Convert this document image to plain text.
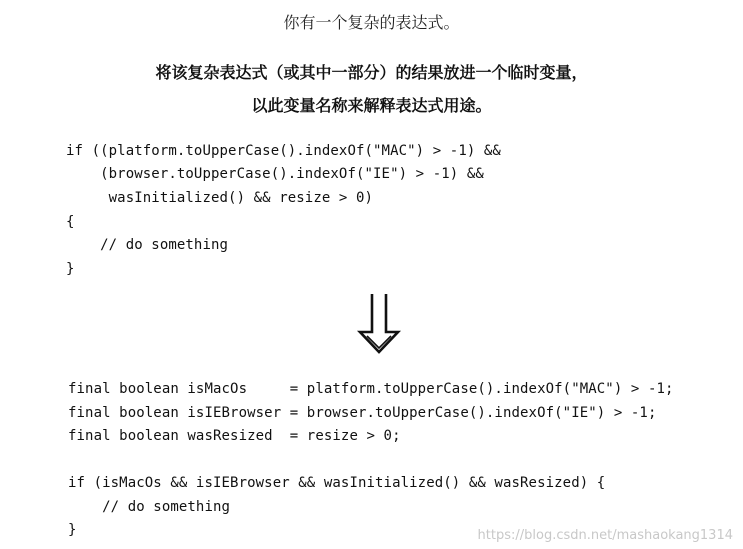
你有一个复杂的表达式。
将该复杂表达式（或其中一部分）的结果放进一个临时变量，
以此变量名称来解释表达式用途。
if ((platform.toUpperCase().indexOf("MAC") > -1) &&
(browser.toUpperCase().indexOf("IE") > -1) &&
wasInitialized() && resize > 0)
{
// do something
}
final boolean isMacOs     = platform.toUpperCase().indexOf("MAC") > -1;
final boolean isIEBrowser = browser.toUpperCase().indexOf("IE") > -1;
final boolean wasResized  = resize > 0;
if (isMacOs && isIEBrowser && wasInitialized() && wasResized) {
// do something
}	https://blog.csdn.net/mashaokang1314
